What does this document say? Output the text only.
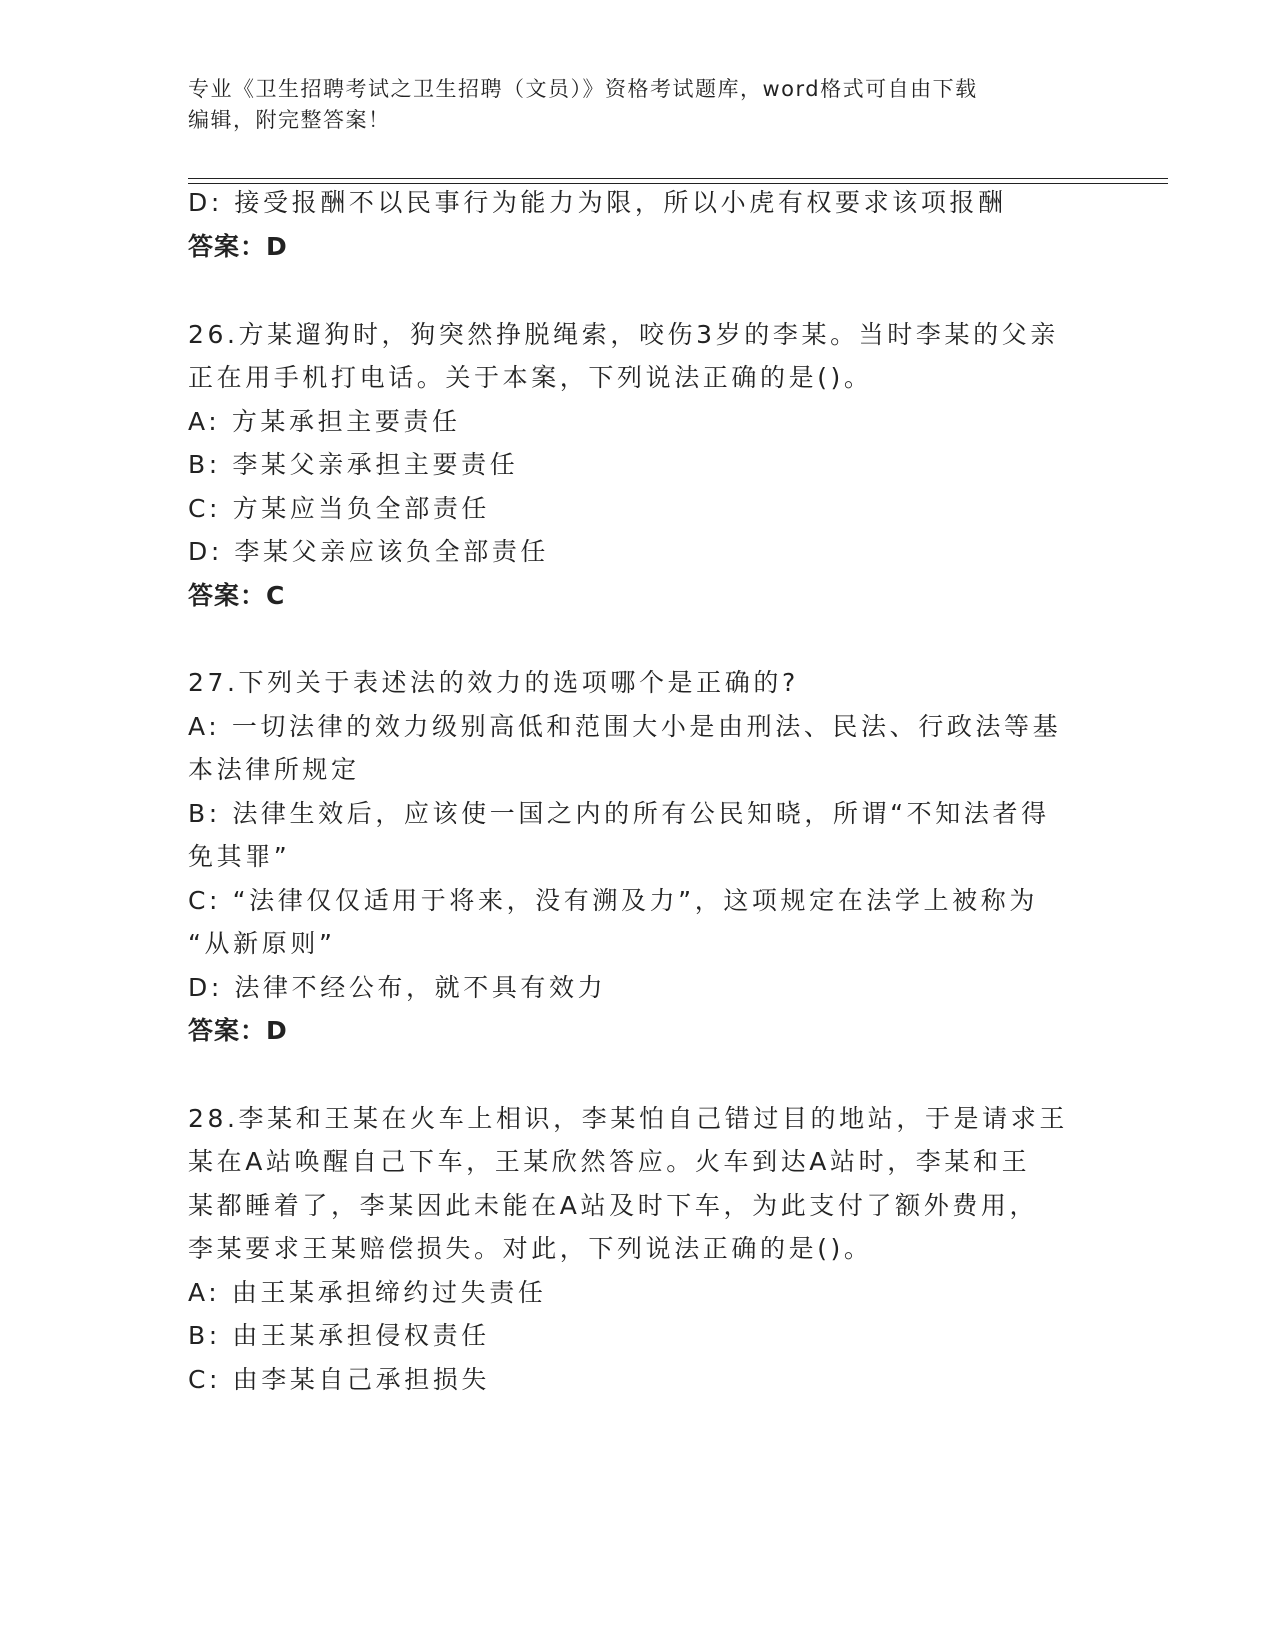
专业《卫生招聘考试之卫生招聘（文员）》资格考试题库，word格式可自由下载
编辑，附完整答案！
D: 接受报酬不以民事行为能力为限，所以小虎有权要求该项报酬
答案：D
26.方某遛狗时，狗突然挣脱绳索，咬伤3岁的李某。当时李某的父亲
正在用手机打电话。关于本案，下列说法正确的是()。
A: 方某承担主要责任
B: 李某父亲承担主要责任
C: 方某应当负全部责任
D: 李某父亲应该负全部责任
答案：C
27.下列关于表述法的效力的选项哪个是正确的?
A: 一切法律的效力级别高低和范围大小是由刑法、民法、行政法等基
本法律所规定
B: 法律生效后，应该使一国之内的所有公民知晓，所谓“不知法者得
免其罪”
C: “法律仅仅适用于将来，没有溯及力”，这项规定在法学上被称为
“从新原则”
D: 法律不经公布，就不具有效力
答案：D
28.李某和王某在火车上相识，李某怕自己错过目的地站，于是请求王
某在A站唤醒自己下车，王某欣然答应。火车到达A站时，李某和王
某都睡着了，李某因此未能在A站及时下车，为此支付了额外费用，
李某要求王某赔偿损失。对此，下列说法正确的是()。
A: 由王某承担缔约过失责任
B: 由王某承担侵权责任
C: 由李某自己承担损失
